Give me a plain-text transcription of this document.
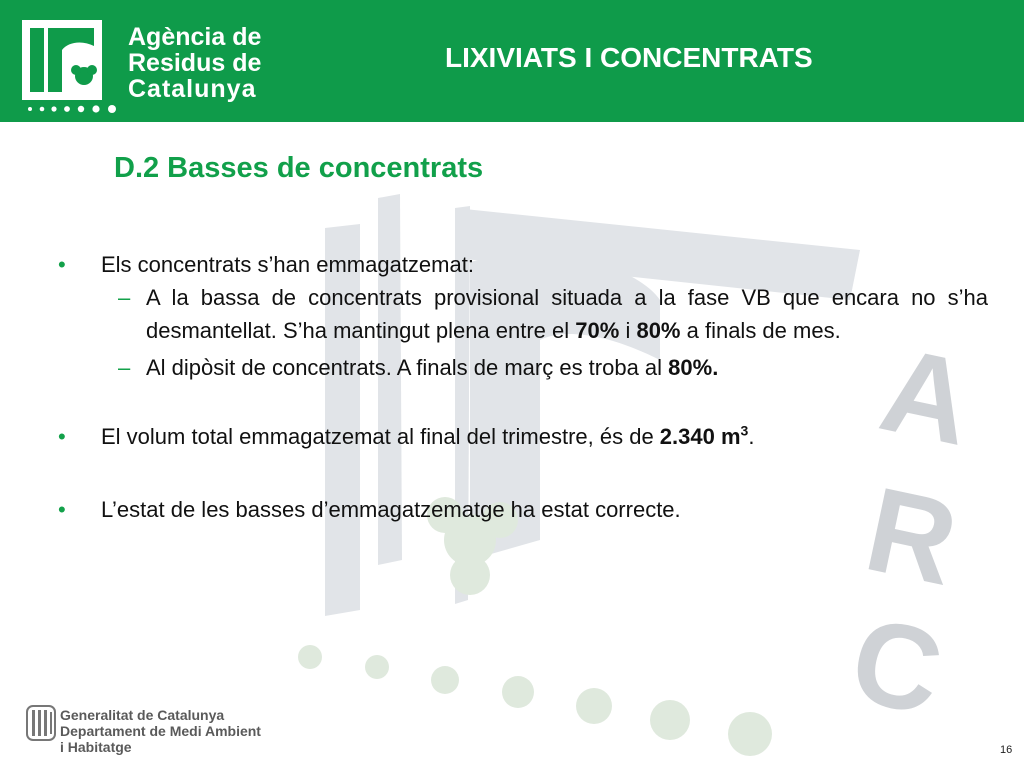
A
R
C
Agència de
Residus de
Catalunya
LIXIVIATS I CONCENTRATS
D.2 Basses de concentrats
• Els concentrats s’han emmagatzemat:
– A la bassa de concentrats provisional situada a la fase VB que encara no s’ha desmantellat. S’ha mantingut plena entre el 70% i 80% a finals de mes.
– Al dipòsit de concentrats. A finals de març es troba al 80%.
• El volum total emmagatzemat al final del trimestre, és de 2.340 $m^3$.
• L’estat de les basses d’emmagatzematge ha estat correcte.
Generalitat de Catalunya
Departament de Medi Ambient
i Habitatge	16
